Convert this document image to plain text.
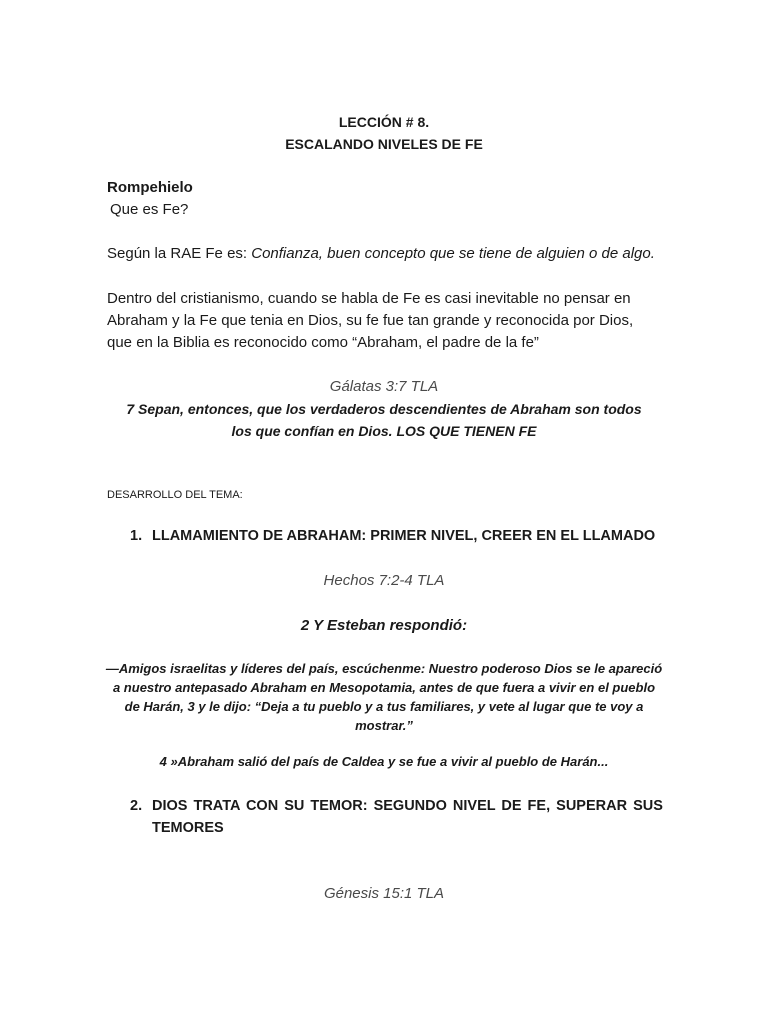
LECCIÓN # 8.
ESCALANDO NIVELES DE FE
Rompehielo
Que es Fe?
Según la RAE Fe es: Confianza, buen concepto que se tiene de alguien o de algo.
Dentro del cristianismo, cuando se habla de Fe es casi inevitable no pensar en
Abraham y la Fe que tenia en Dios, su fe fue tan grande y reconocida por Dios,
que en la Biblia es reconocido como “Abraham, el padre de la fe”
Gálatas 3:7 TLA
7 Sepan, entonces, que los verdaderos descendientes de Abraham son todos
los que confían en Dios. LOS QUE TIENEN FE
DESARROLLO DEL TEMA:
1. LLAMAMIENTO DE ABRAHAM: PRIMER NIVEL, CREER EN EL LLAMADO
Hechos 7:2-4 TLA
2 Y Esteban respondió:
—Amigos israelitas y líderes del país, escúchenme: Nuestro poderoso Dios se le apareció
a nuestro antepasado Abraham en Mesopotamia, antes de que fuera a vivir en el pueblo
de Harán, 3 y le dijo: “Deja a tu pueblo y a tus familiares, y vete al lugar que te voy a
mostrar.”
4 »Abraham salió del país de Caldea y se fue a vivir al pueblo de Harán...
2. DIOS TRATA CON SU TEMOR: SEGUNDO NIVEL DE FE, SUPERAR SUS
TEMORES
Génesis 15:1 TLA
